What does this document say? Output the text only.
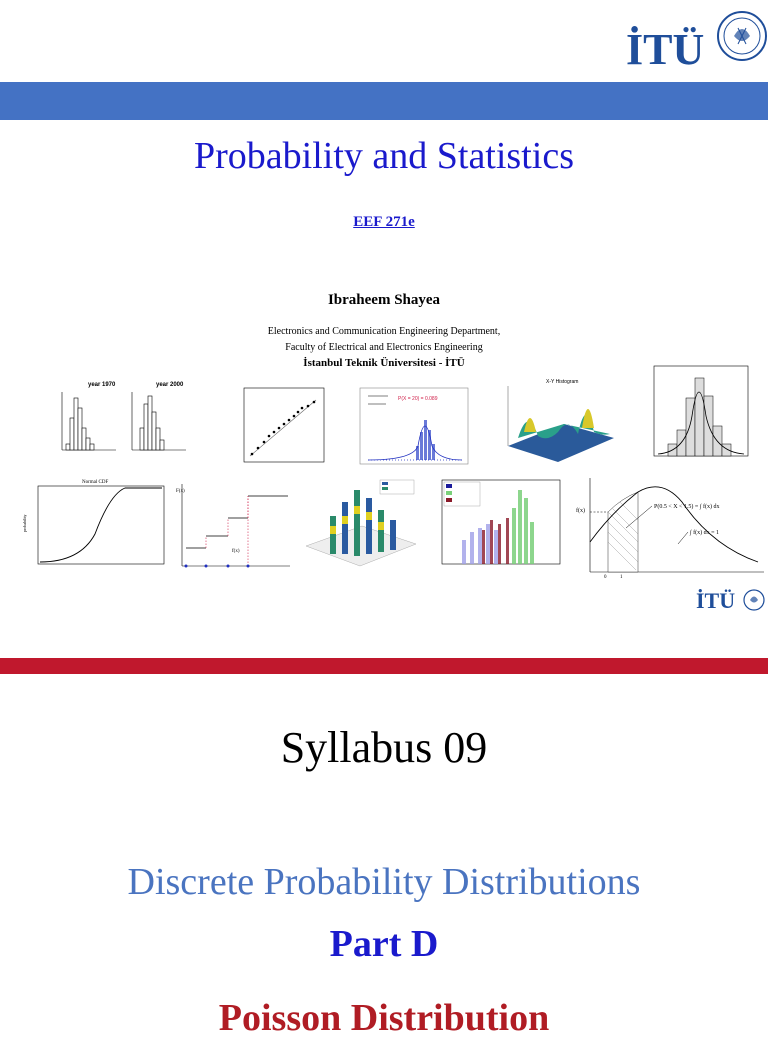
İTÜ
Probability and Statistics
EEF 271e
Ibraheem Shayea
Electronics and Communication Engineering Department,
Faculty of Electrical and Electronics Engineering
İstanbul Teknik Üniversitesi - İTÜ
year 1970	year 2000
P(X = 20) = 0.089
X-Y Histogram
Normal CDF
probability
F(x)
f(x)
f(x)
P(0.5 < X < 1.5) = ∫ f(x) dx
∫ f(x) dx = 1
0	1
İTÜ
Syllabus 09
Discrete Probability Distributions
Part D
Poisson Distribution
